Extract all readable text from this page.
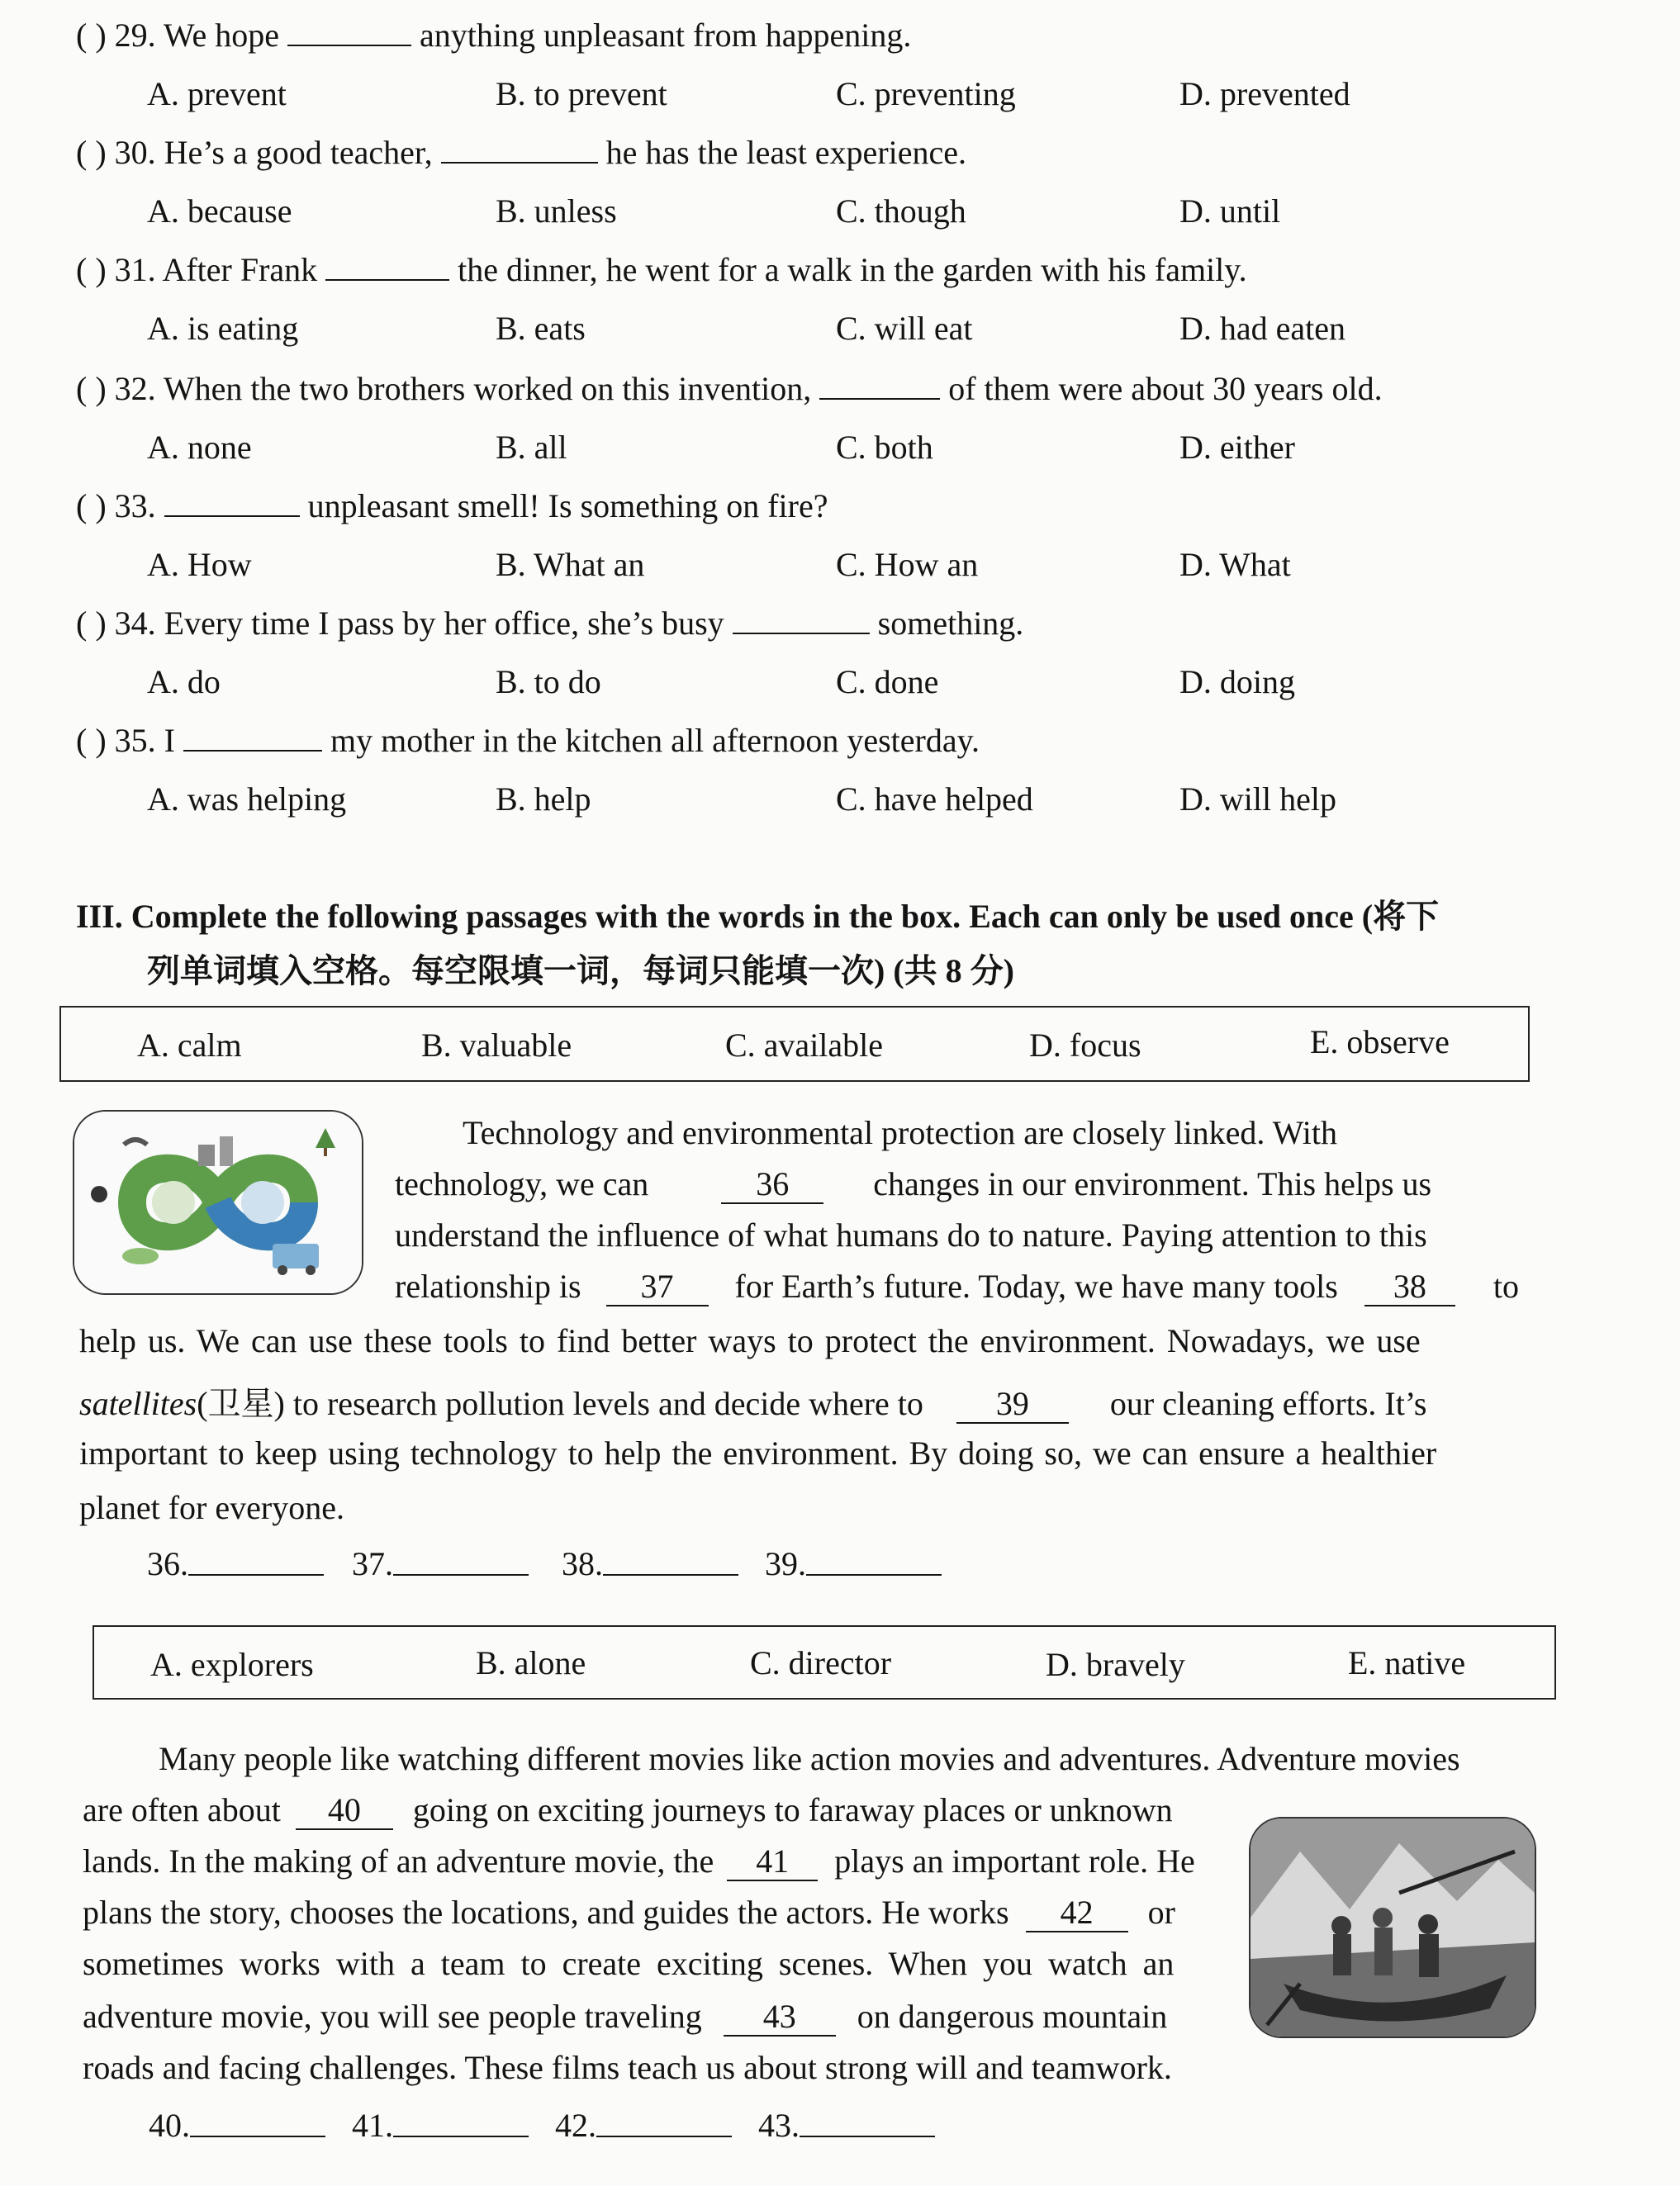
( ) 29. We hope	anything unpleasant from happening.
A. prevent	B. to prevent	C. preventing	D. prevented
( ) 30. He’s a good teacher,	he has the least experience.
A. because	B. unless	C. though	D. until
( ) 31. After Frank	the dinner, he went for a walk in the garden with his family.
A. is eating	B. eats	C. will eat	D. had eaten
( ) 32. When the two brothers worked on this invention,	of them were about 30 years old.
A. none	B. all	C. both	D. either
( ) 33.	unpleasant smell! Is something on fire?
A. How	B. What an	C. How an	D. What
( ) 34. Every time I pass by her office, she’s busy	something.
A. do	B. to do	C. done	D. doing
( ) 35. I	my mother in the kitchen all afternoon yesterday.
A. was helping	B. help	C. have helped	D. will help
III. Complete the following passages with the words in the box. Each can only be used once (将下
列单词填入空格。每空限填一词，每词只能填一次) (共 8 分)
A. calm	B. valuable	C. available	D. focus	E. observe
Technology and environmental protection are closely linked. With
technology, we can	36	changes in our environment. This helps us
understand the influence of what humans do to nature. Paying attention to this
relationship is 37 for Earth’s future. Today, we have many tools 38 to
help us. We can use these tools to find better ways to protect the environment. Nowadays, we use
satellites(卫星) to research pollution levels and decide where to 39 our cleaning efforts. It’s
important to keep using technology to help the environment. By doing so, we can ensure a healthier
planet for everyone.
36.	37.	38.	39.
A. explorers	B. alone	C. director	D. bravely	E. native
Many people like watching different movies like action movies and adventures. Adventure movies
are often about 40 going on exciting journeys to faraway places or unknown
lands. In the making of an adventure movie, the 41 plays an important role. He
plans the story, chooses the locations, and guides the actors. He works 42 or
sometimes works with a team to create exciting scenes. When you watch an
adventure movie, you will see people traveling 43 on dangerous mountain
roads and facing challenges. These films teach us about strong will and teamwork.
40.	41.	42.	43.
